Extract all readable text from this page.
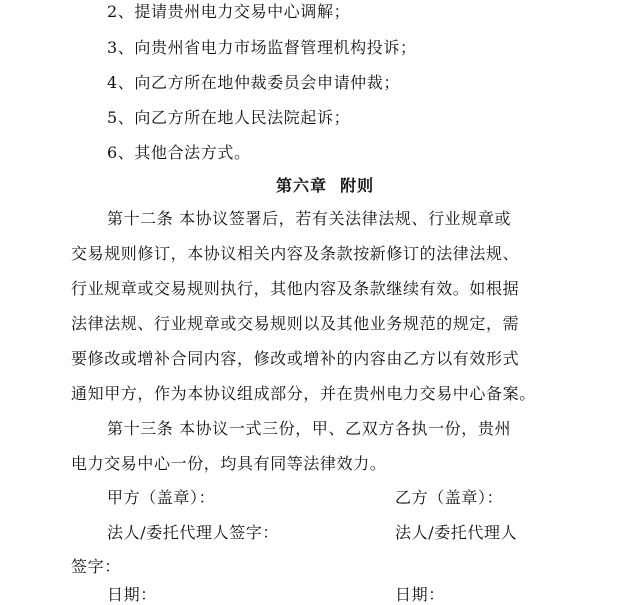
2、提请贵州电力交易中心调解；
3、向贵州省电力市场监督管理机构投诉；
4、向乙方所在地仲裁委员会申请仲裁；
5、向乙方所在地人民法院起诉；
6、其他合法方式。
第六章  附则
第十二条 本协议签署后，若有关法律法规、行业规章或
交易规则修订，本协议相关内容及条款按新修订的法律法规、
行业规章或交易规则执行，其他内容及条款继续有效。如根据
法律法规、行业规章或交易规则以及其他业务规范的规定，需
要修改或增补合同内容，修改或增补的内容由乙方以有效形式
通知甲方，作为本协议组成部分，并在贵州电力交易中心备案。
第十三条 本协议一式三份，甲、乙双方各执一份，贵州
电力交易中心一份，均具有同等法律效力。
甲方（盖章）：	乙方（盖章）：
法人/委托代理人签字：	法人/委托代理人
签字：
日期：	日期：
